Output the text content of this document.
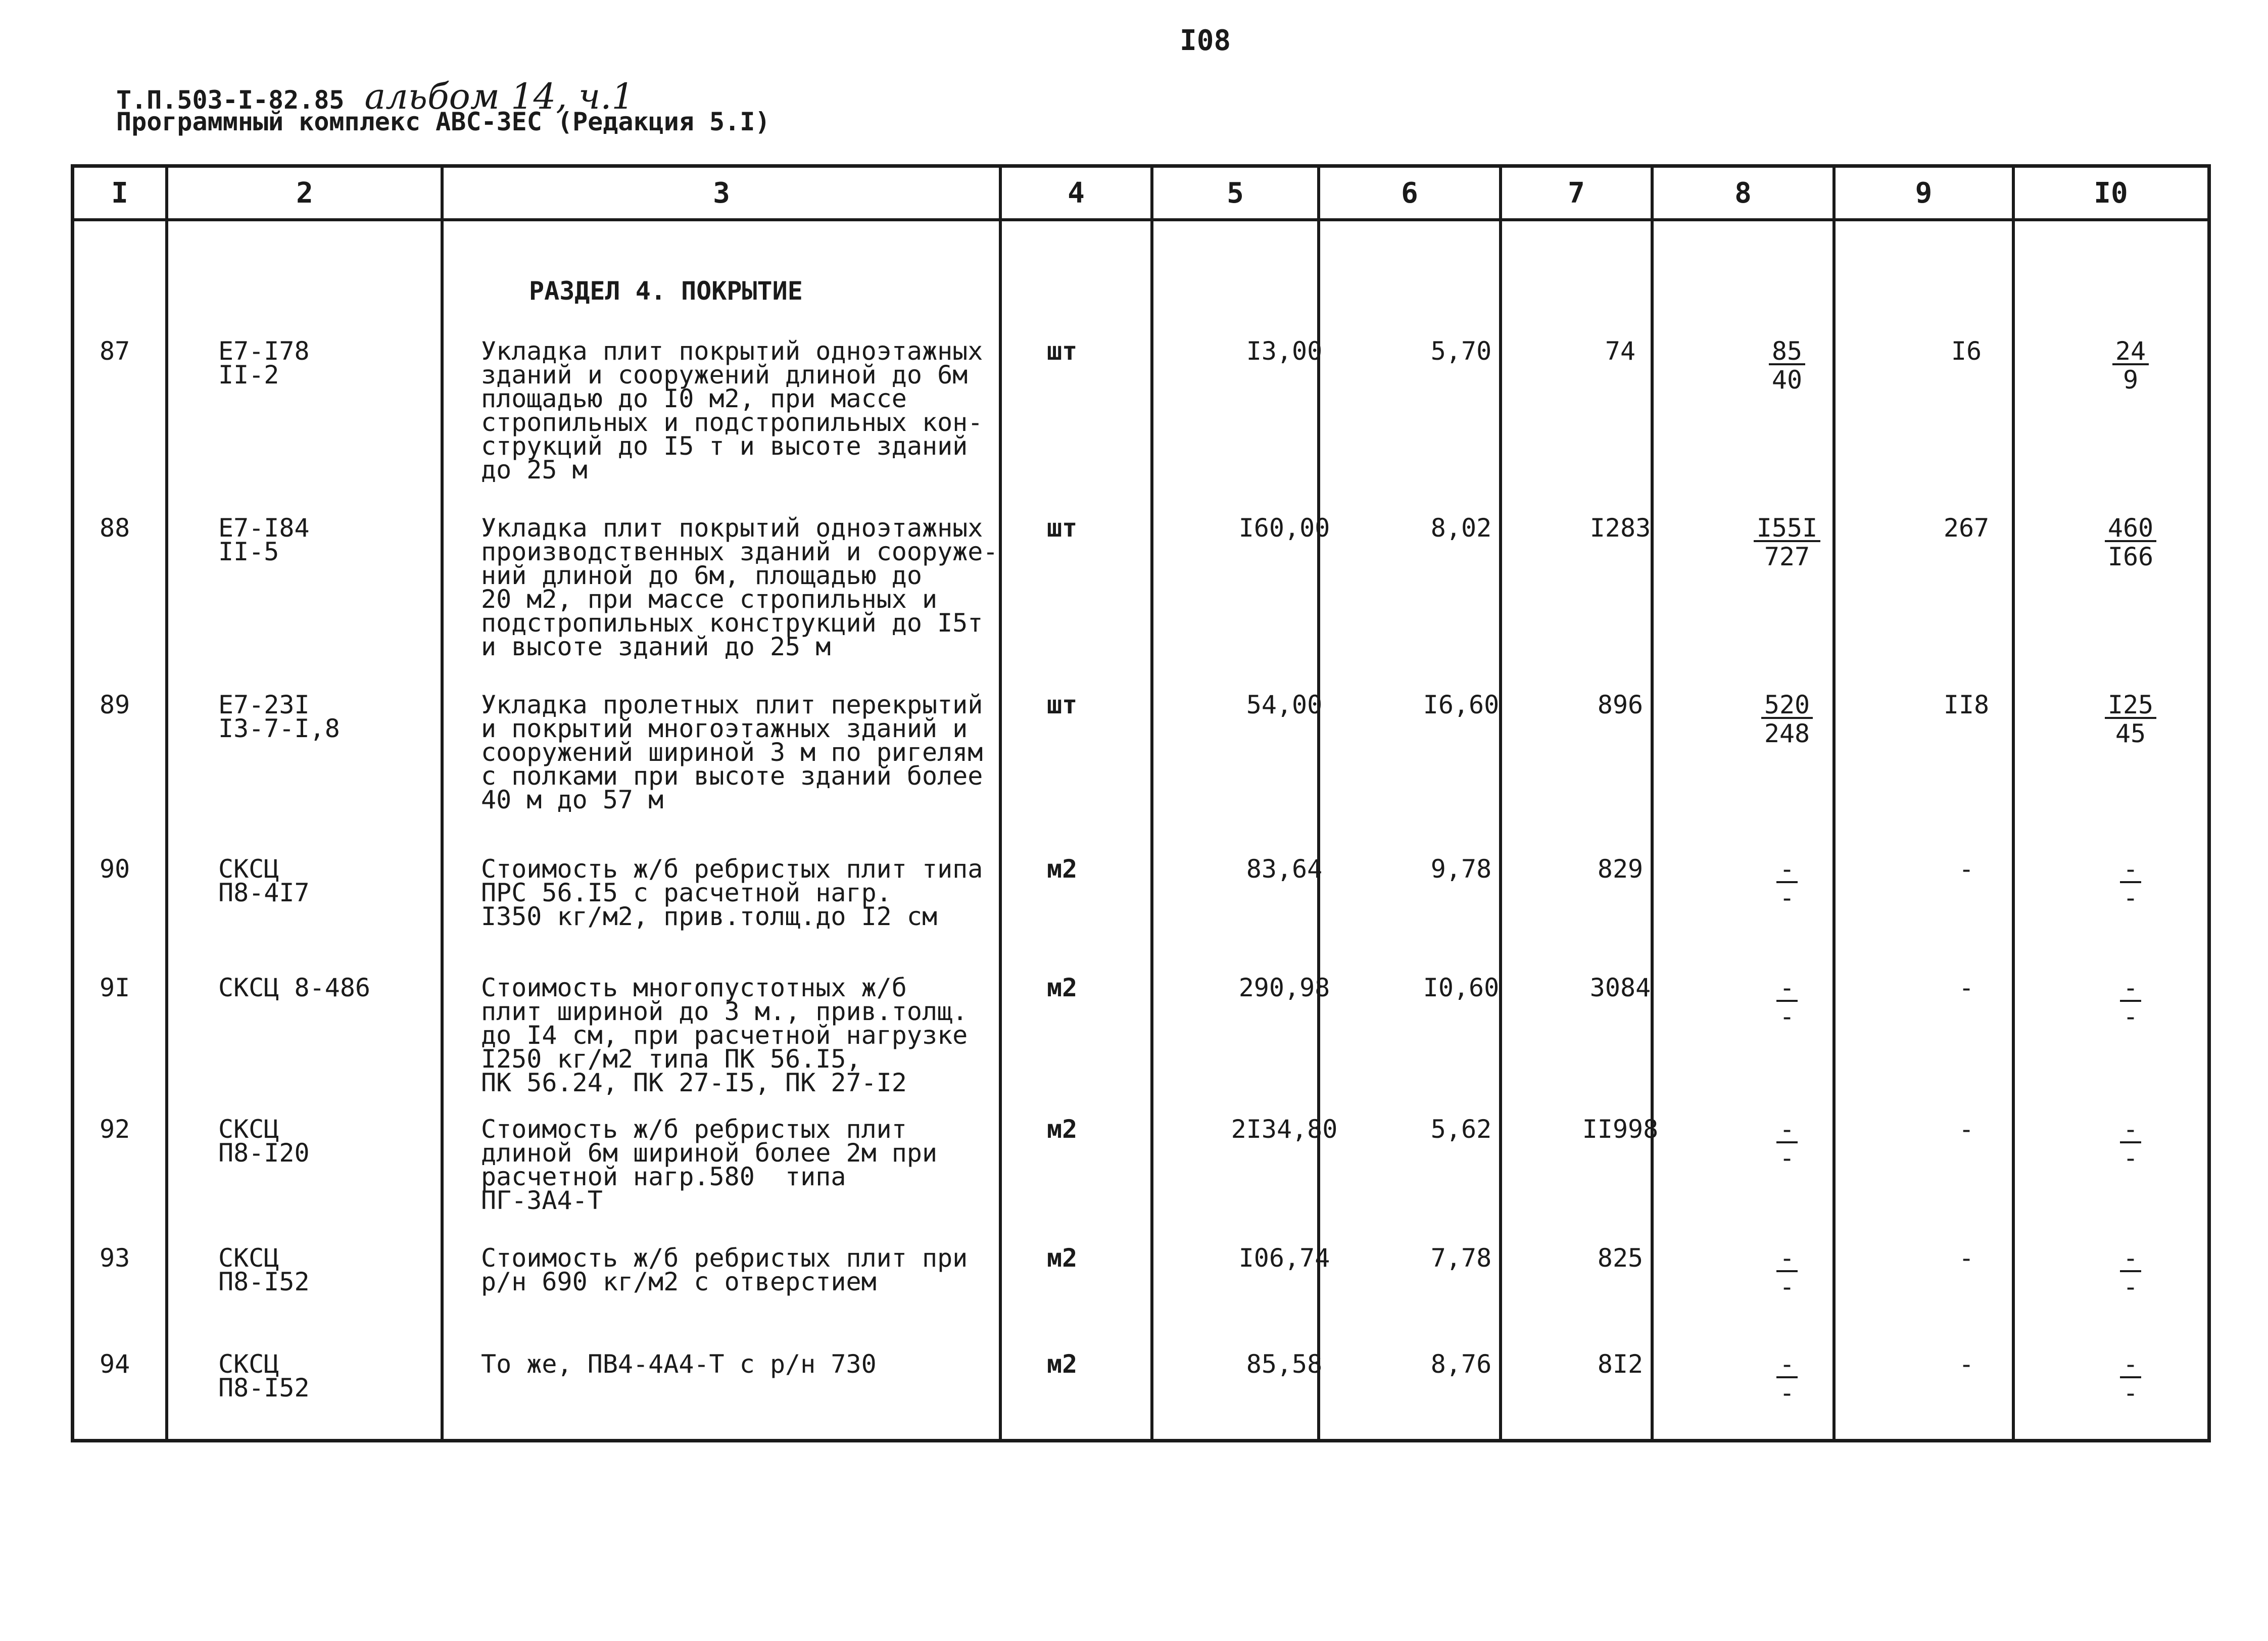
I08
Т.П.503-I-82.85 альбом 14, ч.1
Программный комплекс АВС-ЗЕС (Редакция 5.I)
I	2	3	4	5	6	7	8	9	I0
РАЗДЕЛ 4. ПОКРЫТИЕ
87	Е7-I78
II-2
Укладка плит покрытий одноэтажных
зданий и сооружений длиной до 6м
площадью до I0 м2, при массе
стропильных и подстропильных кон-
струкций до I5 т и высоте зданий
до 25 м
шт	I3,00	5,70	74	$\frac{85}{40}$	I6	$\frac{24}{9}$
88	Е7-I84
II-5
Укладка плит покрытий одноэтажных
производственных зданий и сооруже-
ний длиной до 6м, площадью до
20 м2, при массе стропильных и
подстропильных конструкций до I5т
и высоте зданий до 25 м
шт	I60,00	8,02	I283	$\frac{I55I}{727}$	267	$\frac{460}{I66}$
89	Е7-23I
I3-7-I,8
Укладка пролетных плит перекрытий
и покрытий многоэтажных зданий и
сооружений шириной 3 м по ригелям
с полками при высоте зданий более
40 м до 57 м
шт	54,00	I6,60	896	$\frac{520}{248}$	II8	$\frac{I25}{45}$
90	СКСЦ
П8-4I7
Стоимость ж/б ребристых плит типа
ПРС 56.I5 с расчетной нагр.
I350 кг/м2, прив.толщ.до I2 см
м2	83,64	9,78	829	$\frac{-}{-}$	-	$\frac{-}{-}$
9I	СКСЦ 8-486	Стоимость многопустотных ж/б
плит шириной до 3 м., прив.толщ.
до I4 см, при расчетной нагрузке
I250 кг/м2 типа ПК 56.I5,
ПК 56.24, ПК 27-I5, ПК 27-I2
м2	290,98	I0,60	3084	$\frac{-}{-}$	-	$\frac{-}{-}$
92	СКСЦ
П8-I20
Стоимость ж/б ребристых плит
длиной 6м шириной более 2м при
расчетной нагр.580  типа
ПГ-3А4-Т
м2	2I34,80	5,62	II998	$\frac{-}{-}$	-	$\frac{-}{-}$
93	СКСЦ
П8-I52
Стоимость ж/б ребристых плит при
р/н 690 кг/м2 с отверстием
м2	I06,74	7,78	825	$\frac{-}{-}$	-	$\frac{-}{-}$
94	СКСЦ
П8-I52
То же, ПВ4-4А4-Т с р/н 730	м2	85,58	8,76	8I2	$\frac{-}{-}$	-	$\frac{-}{-}$
